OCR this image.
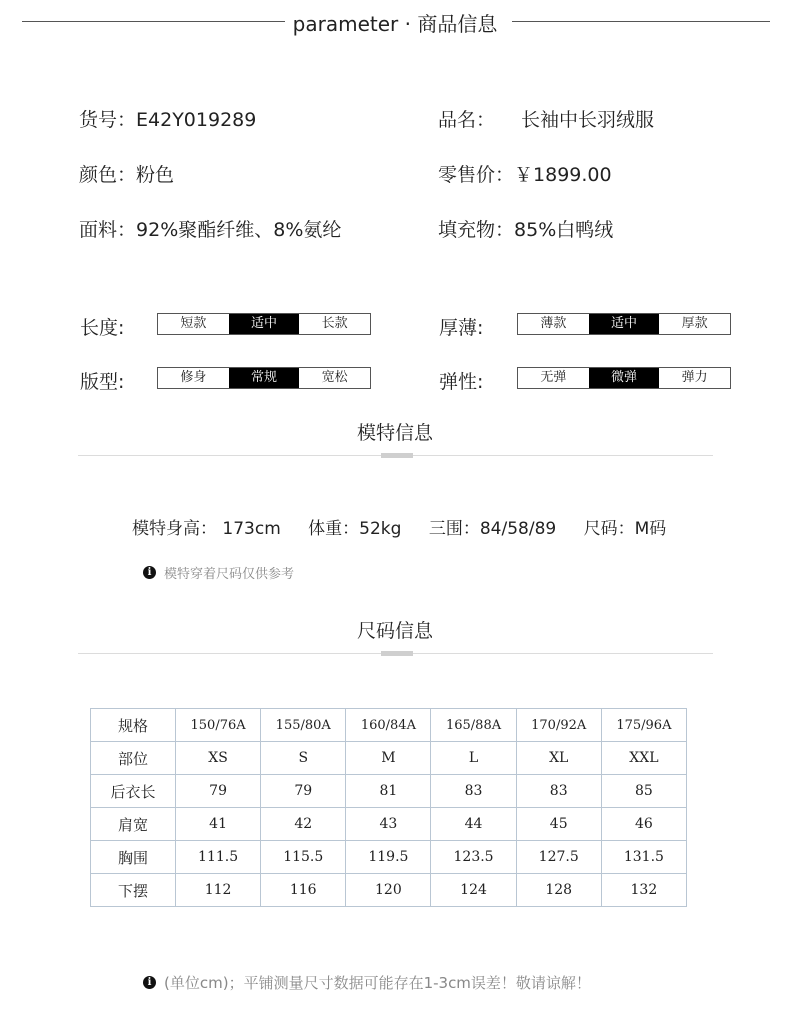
parameter · 商品信息
货号：E42Y019289	品名： 长袖中长羽绒服
颜色：粉色	零售价：￥1899.00
面料：92%聚酯纤维、8%氨纶	填充物：85%白鸭绒
长度:	短款	适中	长款	厚薄:	薄款	适中	厚款
版型:	修身	常规	宽松	弹性:	无弹	微弹	弹力
模特信息
模特身高： 173cm 体重：52kg 三围：84/58/89 尺码：M码
i 模特穿着尺码仅供参考
尺码信息
规格	150/76A	155/80A	160/84A	165/88A	170/92A	175/96A
部位	XS	S	M	L	XL	XXL
后衣长	79	79	81	83	83	85
肩宽	41	42	43	44	45	46
胸围	111.5	115.5	119.5	123.5	127.5	131.5
下摆	112	116	120	124	128	132
i (单位cm)；平铺测量尺寸数据可能存在1-3cm误差！敬请谅解！
